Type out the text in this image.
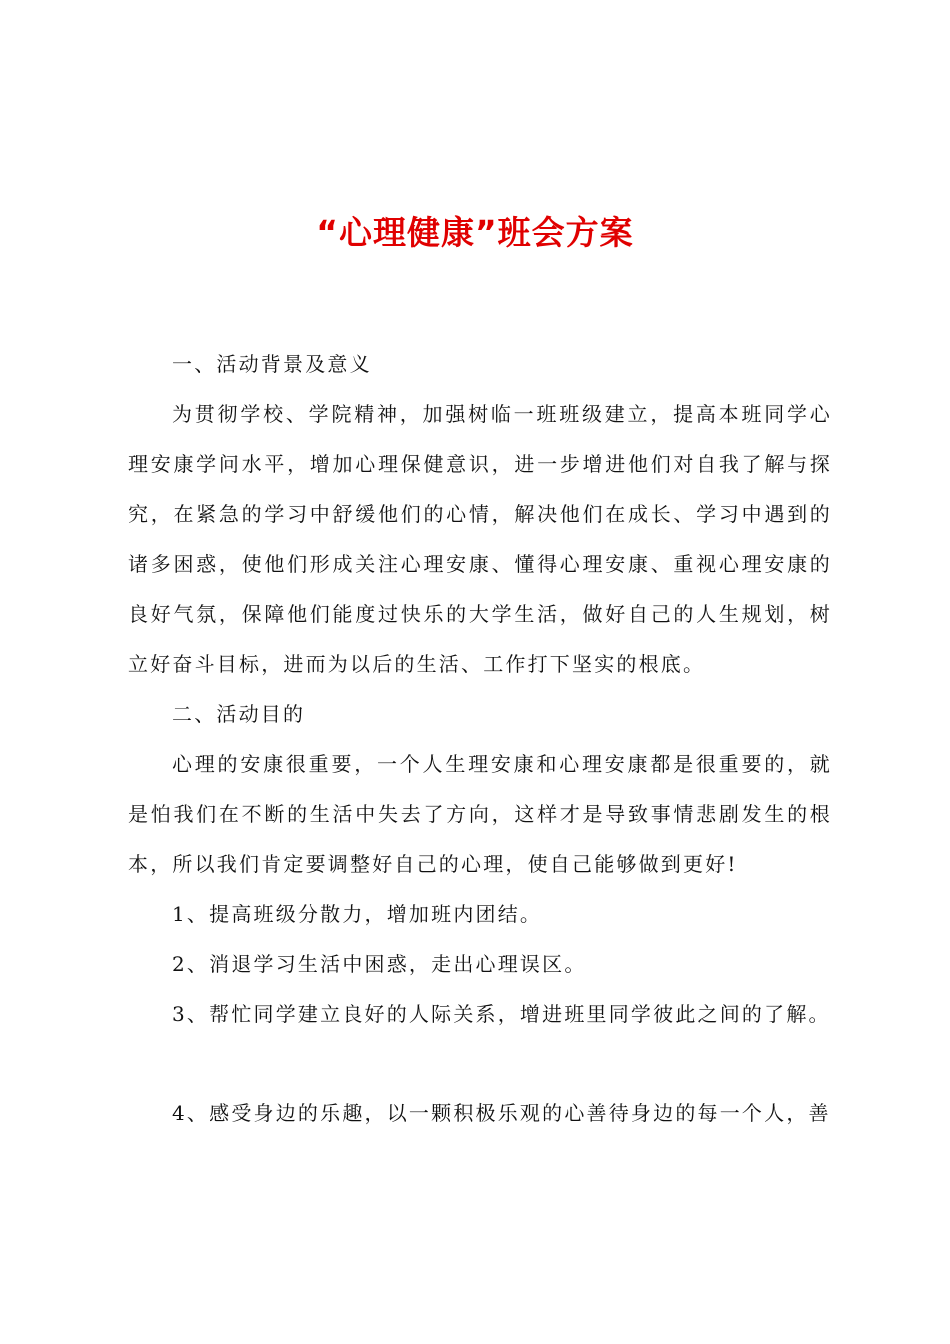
“心理健康”班会方案

一、活动背景及意义

为贯彻学校、学院精神，加强树临一班班级建立，提高本班同学心理安康学问水平，增加心理保健意识，进一步增进他们对自我了解与探究，在紧急的学习中舒缓他们的心情，解决他们在成长、学习中遇到的诸多困惑，使他们形成关注心理安康、懂得心理安康、重视心理安康的良好气氛，保障他们能度过快乐的大学生活，做好自己的人生规划，树立好奋斗目标，进而为以后的生活、工作打下坚实的根底。

二、活动目的

心理的安康很重要，一个人生理安康和心理安康都是很重要的，就是怕我们在不断的生活中失去了方向，这样才是导致事情悲剧发生的根本，所以我们肯定要调整好自己的心理，使自己能够做到更好!

1、提高班级分散力，增加班内团结。

2、消退学习生活中困惑，走出心理误区。

3、帮忙同学建立良好的人际关系，增进班里同学彼此之间的了解。

4、感受身边的乐趣，以一颗积极乐观的心善待身边的每一个人，善
